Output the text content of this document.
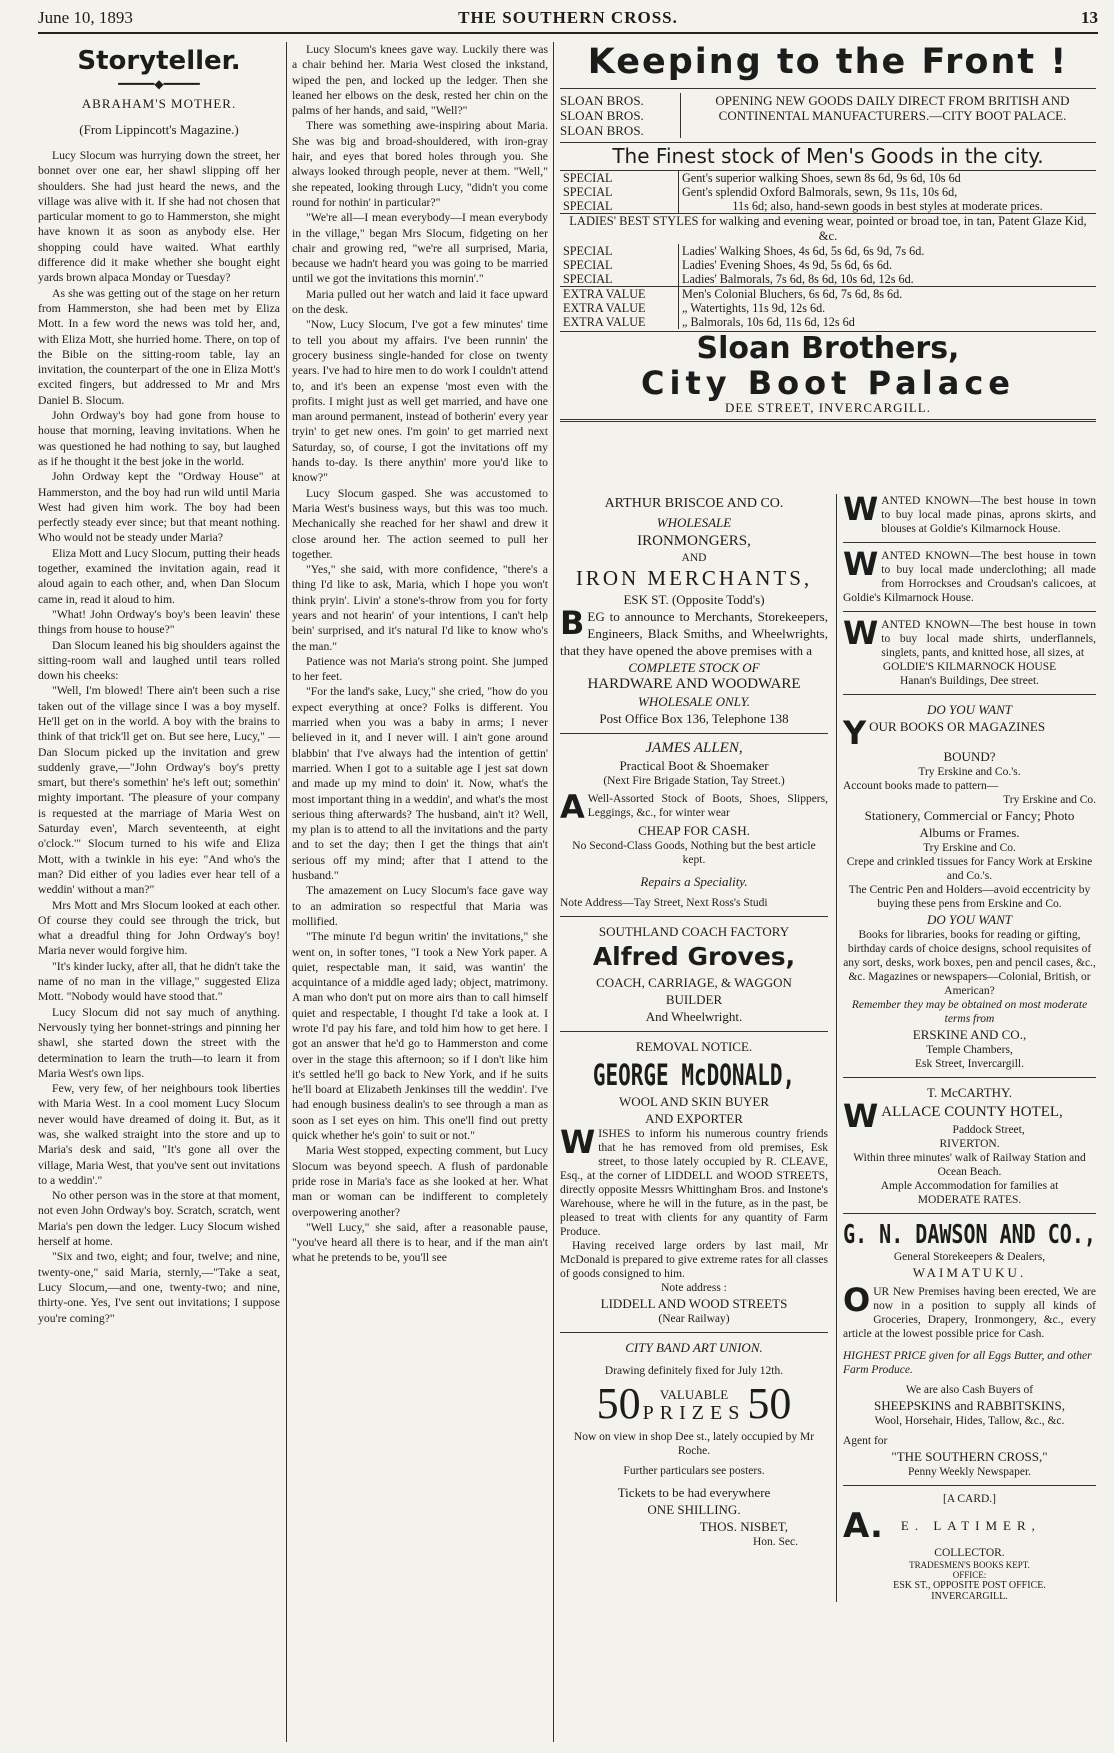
June 10, 1893	THE SOUTHERN CROSS.	13
Storyteller.
━━━━━◆━━━━━
ABRAHAM'S MOTHER.
(From Lippincott's Magazine.)

Lucy Slocum was hurrying down the street, her bonnet over one ear, her shawl slipping off her shoulders. She had just heard the news, and the village was alive with it. If she had not chosen that particular moment to go to Hammerston, she might have known it as soon as anybody else. Her shopping could have waited. What earthly difference did it make whether she bought eight yards brown alpaca Monday or Tuesday?

As she was getting out of the stage on her return from Hammerston, she had been met by Eliza Mott. In a few word the news was told her, and, with Eliza Mott, she hurried home. There, on top of the Bible on the sitting-room table, lay an invitation, the counterpart of the one in Eliza Mott's excited fingers, but addressed to Mr and Mrs Daniel B. Slocum.

John Ordway's boy had gone from house to house that morning, leaving invitations. When he was questioned he had nothing to say, but laughed as if he thought it the best joke in the world.

John Ordway kept the "Ordway House" at Hammerston, and the boy had run wild until Maria West had given him work. The boy had been perfectly steady ever since; but that meant nothing. Who would not be steady under Maria?

Eliza Mott and Lucy Slocum, putting their heads together, examined the invitation again, read it aloud again to each other, and, when Dan Slocum came in, read it aloud to him.

"What! John Ordway's boy's been leavin' these things from house to house?"

Dan Slocum leaned his big shoulders against the sitting-room wall and laughed until tears rolled down his cheeks:

"Well, I'm blowed! There ain't been such a rise taken out of the village since I was a boy myself. He'll get on in the world. A boy with the brains to think of that trick'll get on. But see here, Lucy," —Dan Slocum picked up the invitation and grew suddenly grave,—"John Ordway's boy's pretty smart, but there's somethin' he's left out; somethin' mighty important. 'The pleasure of your company is requested at the marriage of Maria West on Saturday even', March seventeenth, at eight o'clock.'" Slocum turned to his wife and Eliza Mott, with a twinkle in his eye: "And who's the man? Did either of you ladies ever hear tell of a weddin' without a man?"

Mrs Mott and Mrs Slocum looked at each other. Of course they could see through the trick, but what a dreadful thing for John Ordway's boy! Maria never would forgive him.

"It's kinder lucky, after all, that he didn't take the name of no man in the village," suggested Eliza Mott. "Nobody would have stood that."

Lucy Slocum did not say much of anything. Nervously tying her bonnet-strings and pinning her shawl, she started down the street with the determination to learn the truth—to learn it from Maria West's own lips.

Few, very few, of her neighbours took liberties with Maria West. In a cool moment Lucy Slocum never would have dreamed of doing it. But, as it was, she walked straight into the store and up to Maria's desk and said, "It's gone all over the village, Maria West, that you've sent out invitations to a weddin'."

No other person was in the store at that moment, not even John Ordway's boy. Scratch, scratch, went Maria's pen down the ledger. Lucy Slocum wished herself at home.

"Six and two, eight; and four, twelve; and nine, twenty-one," said Maria, sternly,—"Take a seat, Lucy Slocum,—and one, twenty-two; and nine, thirty-one. Yes, I've sent out invitations; I suppose you're coming?"

Lucy Slocum's knees gave way. Luckily there was a chair behind her. Maria West closed the inkstand, wiped the pen, and locked up the ledger. Then she leaned her elbows on the desk, rested her chin on the palms of her hands, and said, "Well?"

There was something awe-inspiring about Maria. She was big and broad-shouldered, with iron-gray hair, and eyes that bored holes through you. She always looked through people, never at them. "Well," she repeated, looking through Lucy, "didn't you come round for nothin' in particular?"

"We're all—I mean everybody—I mean everybody in the village," began Mrs Slocum, fidgeting on her chair and growing red, "we're all surprised, Maria, because we hadn't heard you was going to be married until we got the invitations this mornin'."

Maria pulled out her watch and laid it face upward on the desk.

"Now, Lucy Slocum, I've got a few minutes' time to tell you about my affairs. I've been runnin' the grocery business single-handed for close on twenty years. I've had to hire men to do work I couldn't attend to, and it's been an expense 'most even with the profits. I might just as well get married, and have one man around permanent, instead of botherin' every year tryin' to get new ones. I'm goin' to get married next Saturday, so, of course, I got the invitations off my hands to-day. Is there anythin' more you'd like to know?"

Lucy Slocum gasped. She was accustomed to Maria West's business ways, but this was too much. Mechanically she reached for her shawl and drew it close around her. The action seemed to pull her together.

"Yes," she said, with more confidence, "there's a thing I'd like to ask, Maria, which I hope you won't think pryin'. Livin' a stone's-throw from you for forty years and not hearin' of your intentions, I can't help bein' surprised, and it's natural I'd like to know who's the man."

Patience was not Maria's strong point. She jumped to her feet.

"For the land's sake, Lucy," she cried, "how do you expect everything at once? Folks is different. You married when you was a baby in arms; I never believed in it, and I never will. I ain't gone around blabbin' that I've always had the intention of gettin' married. When I got to a suitable age I jest sat down and made up my mind to doin' it. Now, what's the most important thing in a weddin', and what's the most serious thing afterwards? The husband, ain't it? Well, my plan is to attend to all the invitations and the party and to set the day; then I get the things that ain't serious off my mind; after that I attend to the husband."

The amazement on Lucy Slocum's face gave way to an admiration so respectful that Maria was mollified.

"The minute I'd begun writin' the invitations," she went on, in softer tones, "I took a New York paper. A quiet, respectable man, it said, was wantin' the acquintance of a middle aged lady; object, matrimony. A man who don't put on more airs than to call himself quiet and respectable, I thought I'd take a look at. I wrote I'd pay his fare, and told him how to get here. I got an answer that he'd go to Hammerston and come over in the stage this afternoon; so if I don't like him it's settled he'll go back to New York, and if he suits he'll board at Elizabeth Jenkinses till the weddin'. I've had enough business dealin's to see through a man as soon as I set eyes on him. This one'll find out pretty quick whether he's goin' to suit or not."

Maria West stopped, expecting comment, but Lucy Slocum was beyond speech. A flush of pardonable pride rose in Maria's face as she looked at her. What man or woman can be indifferent to completely overpowering another?

"Well Lucy," she said, after a reasonable pause, "you've heard all there is to hear, and if the man ain't what he pretends to be, you'll see

Keeping to the Front !
SLOAN BROS.
SLOAN BROS.
SLOAN BROS.
OPENING NEW GOODS DAILY DIRECT FROM BRITISH AND CONTINENTAL MANUFACTURERS.—CITY BOOT PALACE.
The Finest stock of Men's Goods in the city.
SPECIAL	Gent's superior walking Shoes, sewn 8s 6d, 9s 6d, 10s 6d
SPECIAL	Gent's splendid Oxford Balmorals, sewn, 9s 11s, 10s 6d,
SPECIAL	11s 6d; also, hand-sewn goods in best styles at moderate prices.
LADIES' BEST STYLES for walking and evening wear, pointed or broad toe, in tan, Patent Glaze Kid, &c.
SPECIAL	Ladies' Walking Shoes, 4s 6d, 5s 6d, 6s 9d, 7s 6d.
SPECIAL	Ladies' Evening Shoes, 4s 9d, 5s 6d, 6s 6d.
SPECIAL	Ladies' Balmorals, 7s 6d, 8s 6d, 10s 6d, 12s 6d.
EXTRA VALUE	Men's Colonial Bluchers, 6s 6d, 7s 6d, 8s 6d.
EXTRA VALUE	„ Watertights, 11s 9d, 12s 6d.
EXTRA VALUE	„ Balmorals, 10s 6d, 11s 6d, 12s 6d
Sloan Brothers,
City Boot Palace
DEE STREET, INVERCARGILL.
ARTHUR BRISCOE AND CO.
WHOLESALE
IRONMONGERS,
AND
IRON MERCHANTS,
ESK ST. (Opposite Todd's)
BEG to announce to Merchants, Storekeepers, Engineers, Black Smiths, and Wheelwrights, that they have opened the above premises with a
COMPLETE STOCK OF
HARDWARE AND WOODWARE
WHOLESALE ONLY.
Post Office Box 136, Telephone 138
JAMES ALLEN,
Practical Boot & Shoemaker
(Next Fire Brigade Station, Tay Street.)
A Well-Assorted Stock of Boots, Shoes, Slippers, Leggings, &c., for winter wear
CHEAP FOR CASH.
No Second-Class Goods, Nothing but the best article kept.
Repairs a Speciality.
Note Address—Tay Street, Next Ross's Studi
SOUTHLAND COACH FACTORY
Alfred Groves,
COACH, CARRIAGE, & WAGGON
BUILDER
And Wheelwright.
REMOVAL NOTICE.
GEORGE McDONALD,
WOOL AND SKIN BUYER
AND EXPORTER
WISHES to inform his numerous country friends that he has removed from old premises, Esk street, to those lately occupied by R. CLEAVE, Esq., at the corner of LIDDELL and WOOD STREETS, directly opposite Messrs Whittingham Bros. and Instone's Warehouse, where he will in the future, as in the past, be pleased to treat with clients for any quantity of Farm Produce.
Having received large orders by last mail, Mr McDonald is prepared to give extreme rates for all classes of goods consigned to him.
Note address :
LIDDELL AND WOOD STREETS
(Near Railway)
CITY BAND ART UNION.
Drawing definitely fixed for July 12th.
50	VALUABLE
PRIZES 50
Now on view in shop Dee st., lately occupied by Mr Roche.
Further particulars see posters.
Tickets to be had everywhere
ONE SHILLING.
THOS. NISBET,
Hon. Sec.
WANTED KNOWN—The best house in town to buy local made pinas, aprons skirts, and blouses at Goldie's Kilmarnock House.
WANTED KNOWN—The best house in town to buy local made underclothing; all made from Horrockses and Croudsan's calicoes, at Goldie's Kilmarnock House.
WANTED KNOWN—The best house in town to buy local made shirts, underflannels, singlets, pants, and knitted hose, all sizes, at
GOLDIE'S KILMARNOCK HOUSE
Hanan's Buildings, Dee street.
DO YOU WANT
YOUR BOOKS OR MAGAZINES
BOUND?
Try Erskine and Co.'s.
Account books made to pattern—
Try Erskine and Co.
Stationery, Commercial or Fancy; Photo Albums or Frames.
Try Erskine and Co.
Crepe and crinkled tissues for Fancy Work at Erskine and Co.'s.
The Centric Pen and Holders—avoid eccentricity by buying these pens from Erskine and Co.
DO YOU WANT
Books for libraries, books for reading or gifting, birthday cards of choice designs, school requisites of any sort, desks, work boxes, pen and pencil cases, &c., &c. Magazines or newspapers—Colonial, British, or American?
Remember they may be obtained on most moderate terms from
ERSKINE AND CO.,
Temple Chambers,
Esk Street, Invercargill.
T. McCARTHY.
WALLACE COUNTY HOTEL,
Paddock Street,
RIVERTON.
Within three minutes' walk of Railway Station and Ocean Beach.
Ample Accommodation for families at
MODERATE RATES.
G. N. DAWSON AND CO.,
General Storekeepers & Dealers,
WAIMATUKU.
OUR New Premises having been erected, We are now in a position to supply all kinds of Groceries, Drapery, Ironmongery, &c., every article at the lowest possible price for Cash.
HIGHEST PRICE given for all Eggs Butter, and other Farm Produce.
We are also Cash Buyers of
SHEEPSKINS and RABBITSKINS,
Wool, Horsehair, Hides, Tallow, &c., &c.
Agent for
"THE SOUTHERN CROSS,"
Penny Weekly Newspaper.
[A CARD.]
A. E. LATIMER,
COLLECTOR.
TRADESMEN'S BOOKS KEPT.
OFFICE:
ESK ST., OPPOSITE POST OFFICE.
INVERCARGILL.
